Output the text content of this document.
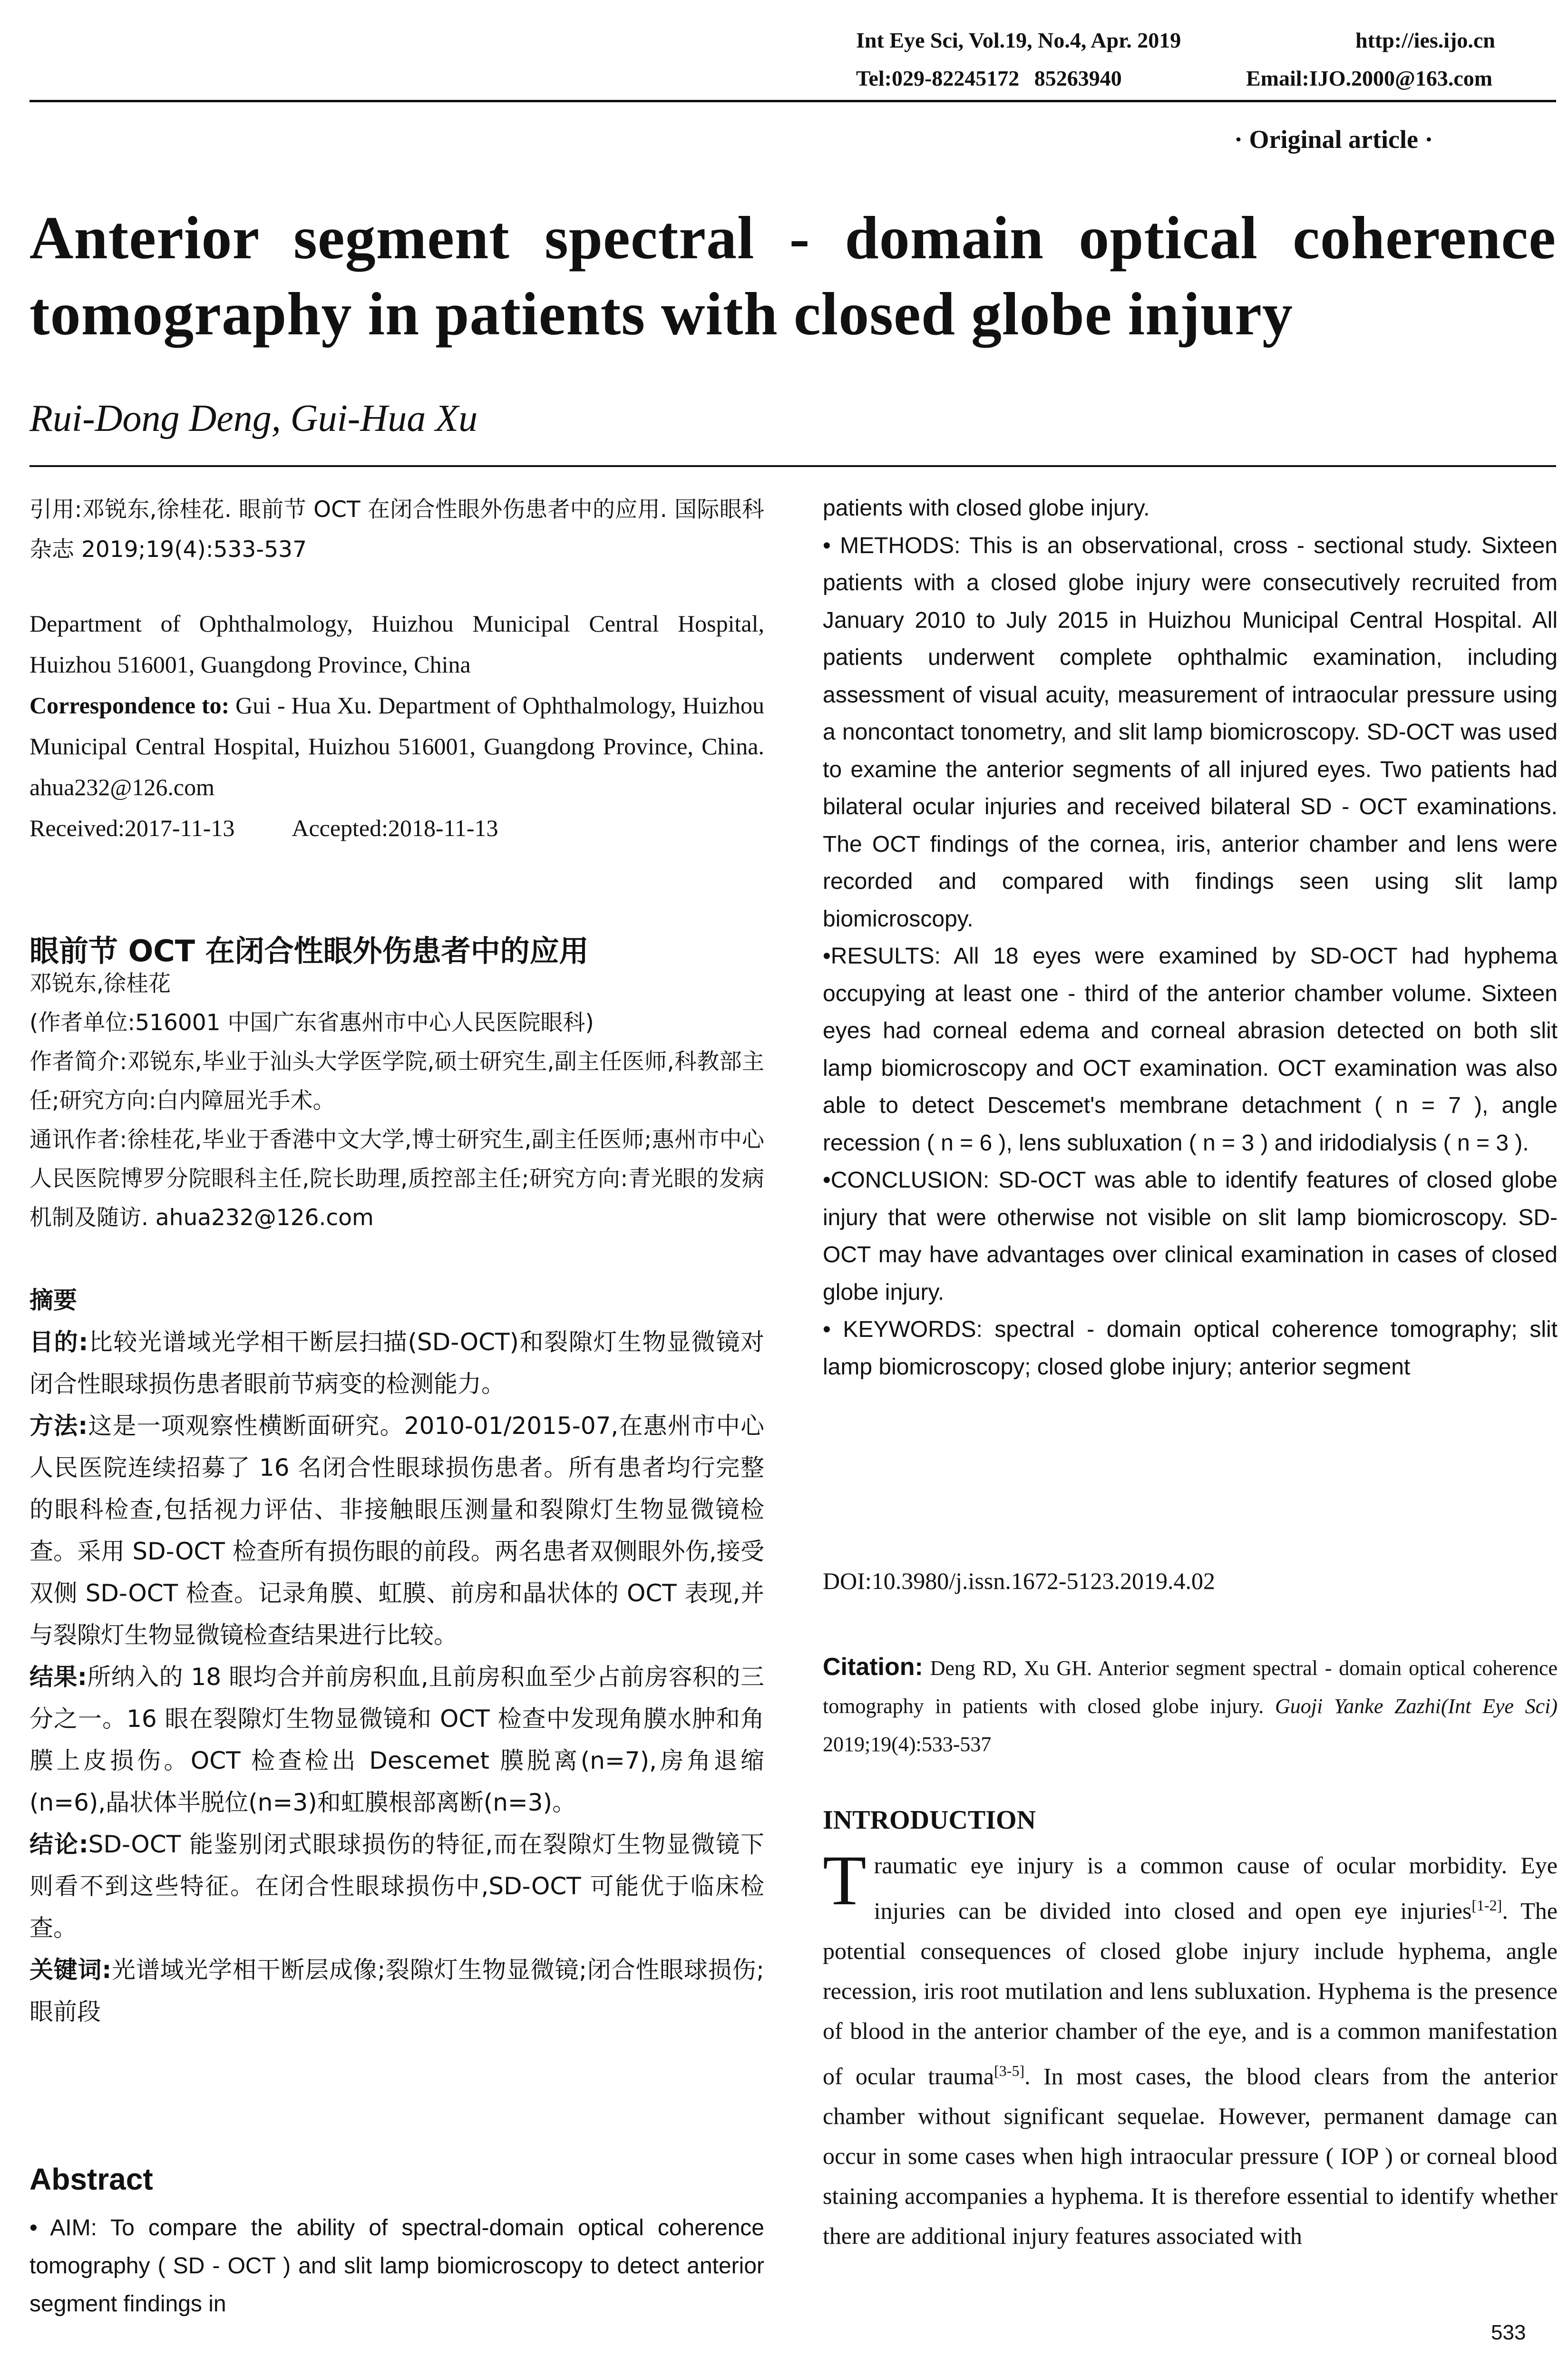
Int Eye Sci, Vol.19, No.4, Apr. 2019	http://ies.ijo.cn
Tel:029-82245172 85263940	Email:IJO.2000@163.com
· Original article ·
Anterior segment spectral - domain optical coherence tomography in patients with closed globe injury
Rui-Dong Deng, Gui-Hua Xu

引用:邓锐东,徐桂花. 眼前节 OCT 在闭合性眼外伤患者中的应用. 国际眼科杂志 2019;19(4):533-537

Department of Ophthalmology, Huizhou Municipal Central Hospital, Huizhou 516001, Guangdong Province, China

Correspondence to: Gui - Hua Xu. Department of Ophthalmology, Huizhou Municipal Central Hospital, Huizhou 516001, Guangdong Province, China. ahua232@126.com

Received:2017-11-13 Accepted:2018-11-13

眼前节 OCT 在闭合性眼外伤患者中的应用

邓锐东,徐桂花

(作者单位:516001 中国广东省惠州市中心人民医院眼科)

作者简介:邓锐东,毕业于汕头大学医学院,硕士研究生,副主任医师,科教部主任;研究方向:白内障屈光手术。

通讯作者:徐桂花,毕业于香港中文大学,博士研究生,副主任医师;惠州市中心人民医院博罗分院眼科主任,院长助理,质控部主任;研究方向:青光眼的发病机制及随访. ahua232@126.com

摘要

目的:比较光谱域光学相干断层扫描(SD-OCT)和裂隙灯生物显微镜对闭合性眼球损伤患者眼前节病变的检测能力。

方法:这是一项观察性横断面研究。2010-01/2015-07,在惠州市中心人民医院连续招募了 16 名闭合性眼球损伤患者。所有患者均行完整的眼科检查,包括视力评估、非接触眼压测量和裂隙灯生物显微镜检查。采用 SD-OCT 检查所有损伤眼的前段。两名患者双侧眼外伤,接受双侧 SD-OCT 检查。记录角膜、虹膜、前房和晶状体的 OCT 表现,并与裂隙灯生物显微镜检查结果进行比较。

结果:所纳入的 18 眼均合并前房积血,且前房积血至少占前房容积的三分之一。16 眼在裂隙灯生物显微镜和 OCT 检查中发现角膜水肿和角膜上皮损伤。OCT 检查检出 Descemet 膜脱离(n=7),房角退缩(n=6),晶状体半脱位(n=3)和虹膜根部离断(n=3)。

结论:SD-OCT 能鉴别闭式眼球损伤的特征,而在裂隙灯生物显微镜下则看不到这些特征。在闭合性眼球损伤中,SD-OCT 可能优于临床检查。

关键词:光谱域光学相干断层成像;裂隙灯生物显微镜;闭合性眼球损伤;眼前段

Abstract

• AIM: To compare the ability of spectral-domain optical coherence tomography ( SD - OCT ) and slit lamp biomicroscopy to detect anterior segment findings in

patients with closed globe injury.

• METHODS: This is an observational, cross - sectional study. Sixteen patients with a closed globe injury were consecutively recruited from January 2010 to July 2015 in Huizhou Municipal Central Hospital. All patients underwent complete ophthalmic examination, including assessment of visual acuity, measurement of intraocular pressure using a noncontact tonometry, and slit lamp biomicroscopy. SD-OCT was used to examine the anterior segments of all injured eyes. Two patients had bilateral ocular injuries and received bilateral SD - OCT examinations. The OCT findings of the cornea, iris, anterior chamber and lens were recorded and compared with findings seen using slit lamp biomicroscopy.

•RESULTS: All 18 eyes were examined by SD-OCT had hyphema occupying at least one - third of the anterior chamber volume. Sixteen eyes had corneal edema and corneal abrasion detected on both slit lamp biomicroscopy and OCT examination. OCT examination was also able to detect Descemet's membrane detachment ( n = 7 ), angle recession ( n = 6 ), lens subluxation ( n = 3 ) and iridodialysis ( n = 3 ).

•CONCLUSION: SD-OCT was able to identify features of closed globe injury that were otherwise not visible on slit lamp biomicroscopy. SD-OCT may have advantages over clinical examination in cases of closed globe injury.

• KEYWORDS: spectral - domain optical coherence tomography; slit lamp biomicroscopy; closed globe injury; anterior segment

DOI:10.3980/j.issn.1672-5123.2019.4.02

Citation: Deng RD, Xu GH. Anterior segment spectral - domain optical coherence tomography in patients with closed globe injury. Guoji Yanke Zazhi(Int Eye Sci) 2019;19(4):533-537

INTRODUCTION

Traumatic eye injury is a common cause of ocular morbidity. Eye injuries can be divided into closed and open eye injuries[1-2]. The potential consequences of closed globe injury include hyphema, angle recession, iris root mutilation and lens subluxation. Hyphema is the presence of blood in the anterior chamber of the eye, and is a common manifestation of ocular trauma[3-5]. In most cases, the blood clears from the anterior chamber without significant sequelae. However, permanent damage can occur in some cases when high intraocular pressure ( IOP ) or corneal blood staining accompanies a hyphema. It is therefore essential to identify whether there are additional injury features associated with

533
